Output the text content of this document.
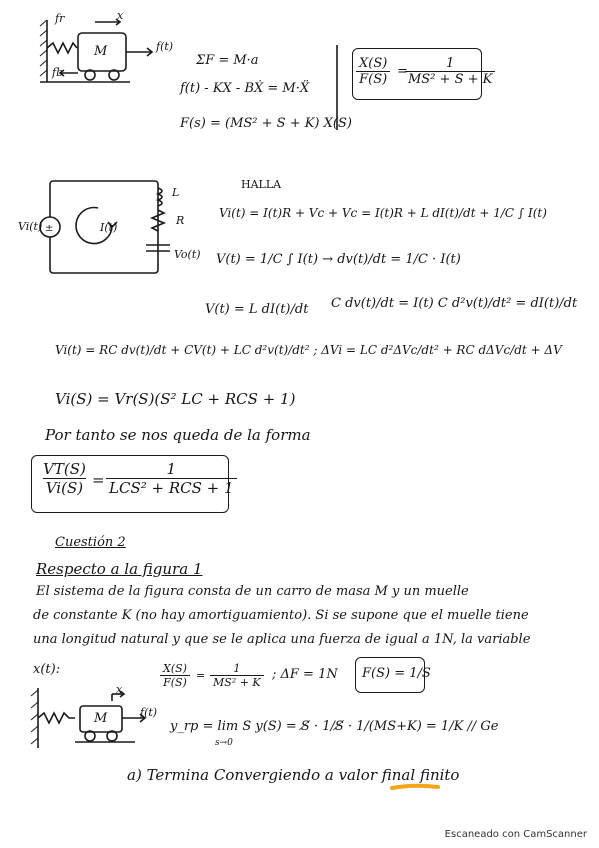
±
fr	x
f(t)
M
fb
ΣF = M·a
f(t) - KX - BẊ = M·Ẍ
F(s) = (MS² + S + K) X(S)
$\frac{X(S)}{F(S)}$ =
$\frac{1}{\text{MS² + S + K}}$
Vi(t)	I(t)
L
R
Vo(t)
HALLA
Vi(t) = I(t)R + Vc + Vc = I(t)R + L dI(t)/dt + 1/C ∫ I(t)
V(t) = 1/C ∫ I(t) → dv(t)/dt = 1/C · I(t)
V(t) = L dI(t)/dt C dv(t)/dt = I(t) C d²v(t)/dt² = dI(t)/dt
Vi(t) = RC dv(t)/dt + CV(t) + LC d²v(t)/dt² ; ΔVi = LC d²ΔVc/dt² + RC dΔVc/dt + ΔV
Vi(S) = Vr(S)(S² LC + RCS + 1)
Por tanto se nos queda de la forma
$\frac{VT(S)}{Vi(S)}$ =
1
LCS² + RCS + 1
Cuestión 2
Respecto a la figura 1
El sistema de la figura consta de un carro de masa M y un muelle
de constante K (no hay amortiguamiento). Si se supone que el muelle tiene
una longitud natural y que se le aplica una fuerza de igual a 1N, la variable
x(t):	$\frac{X(S)}{F(S)} = \frac{1}{\text{MS² + K}}$ ; ΔF = 1N F(S) = 1/S
x
f(t)
M
y_rp = lim S y(S) = S̸ · 1/S̸ · 1/(MS+K) = 1/K // Ge
s→0
a) Termina Convergiendo a valor final finito
Escaneado con CamScanner
